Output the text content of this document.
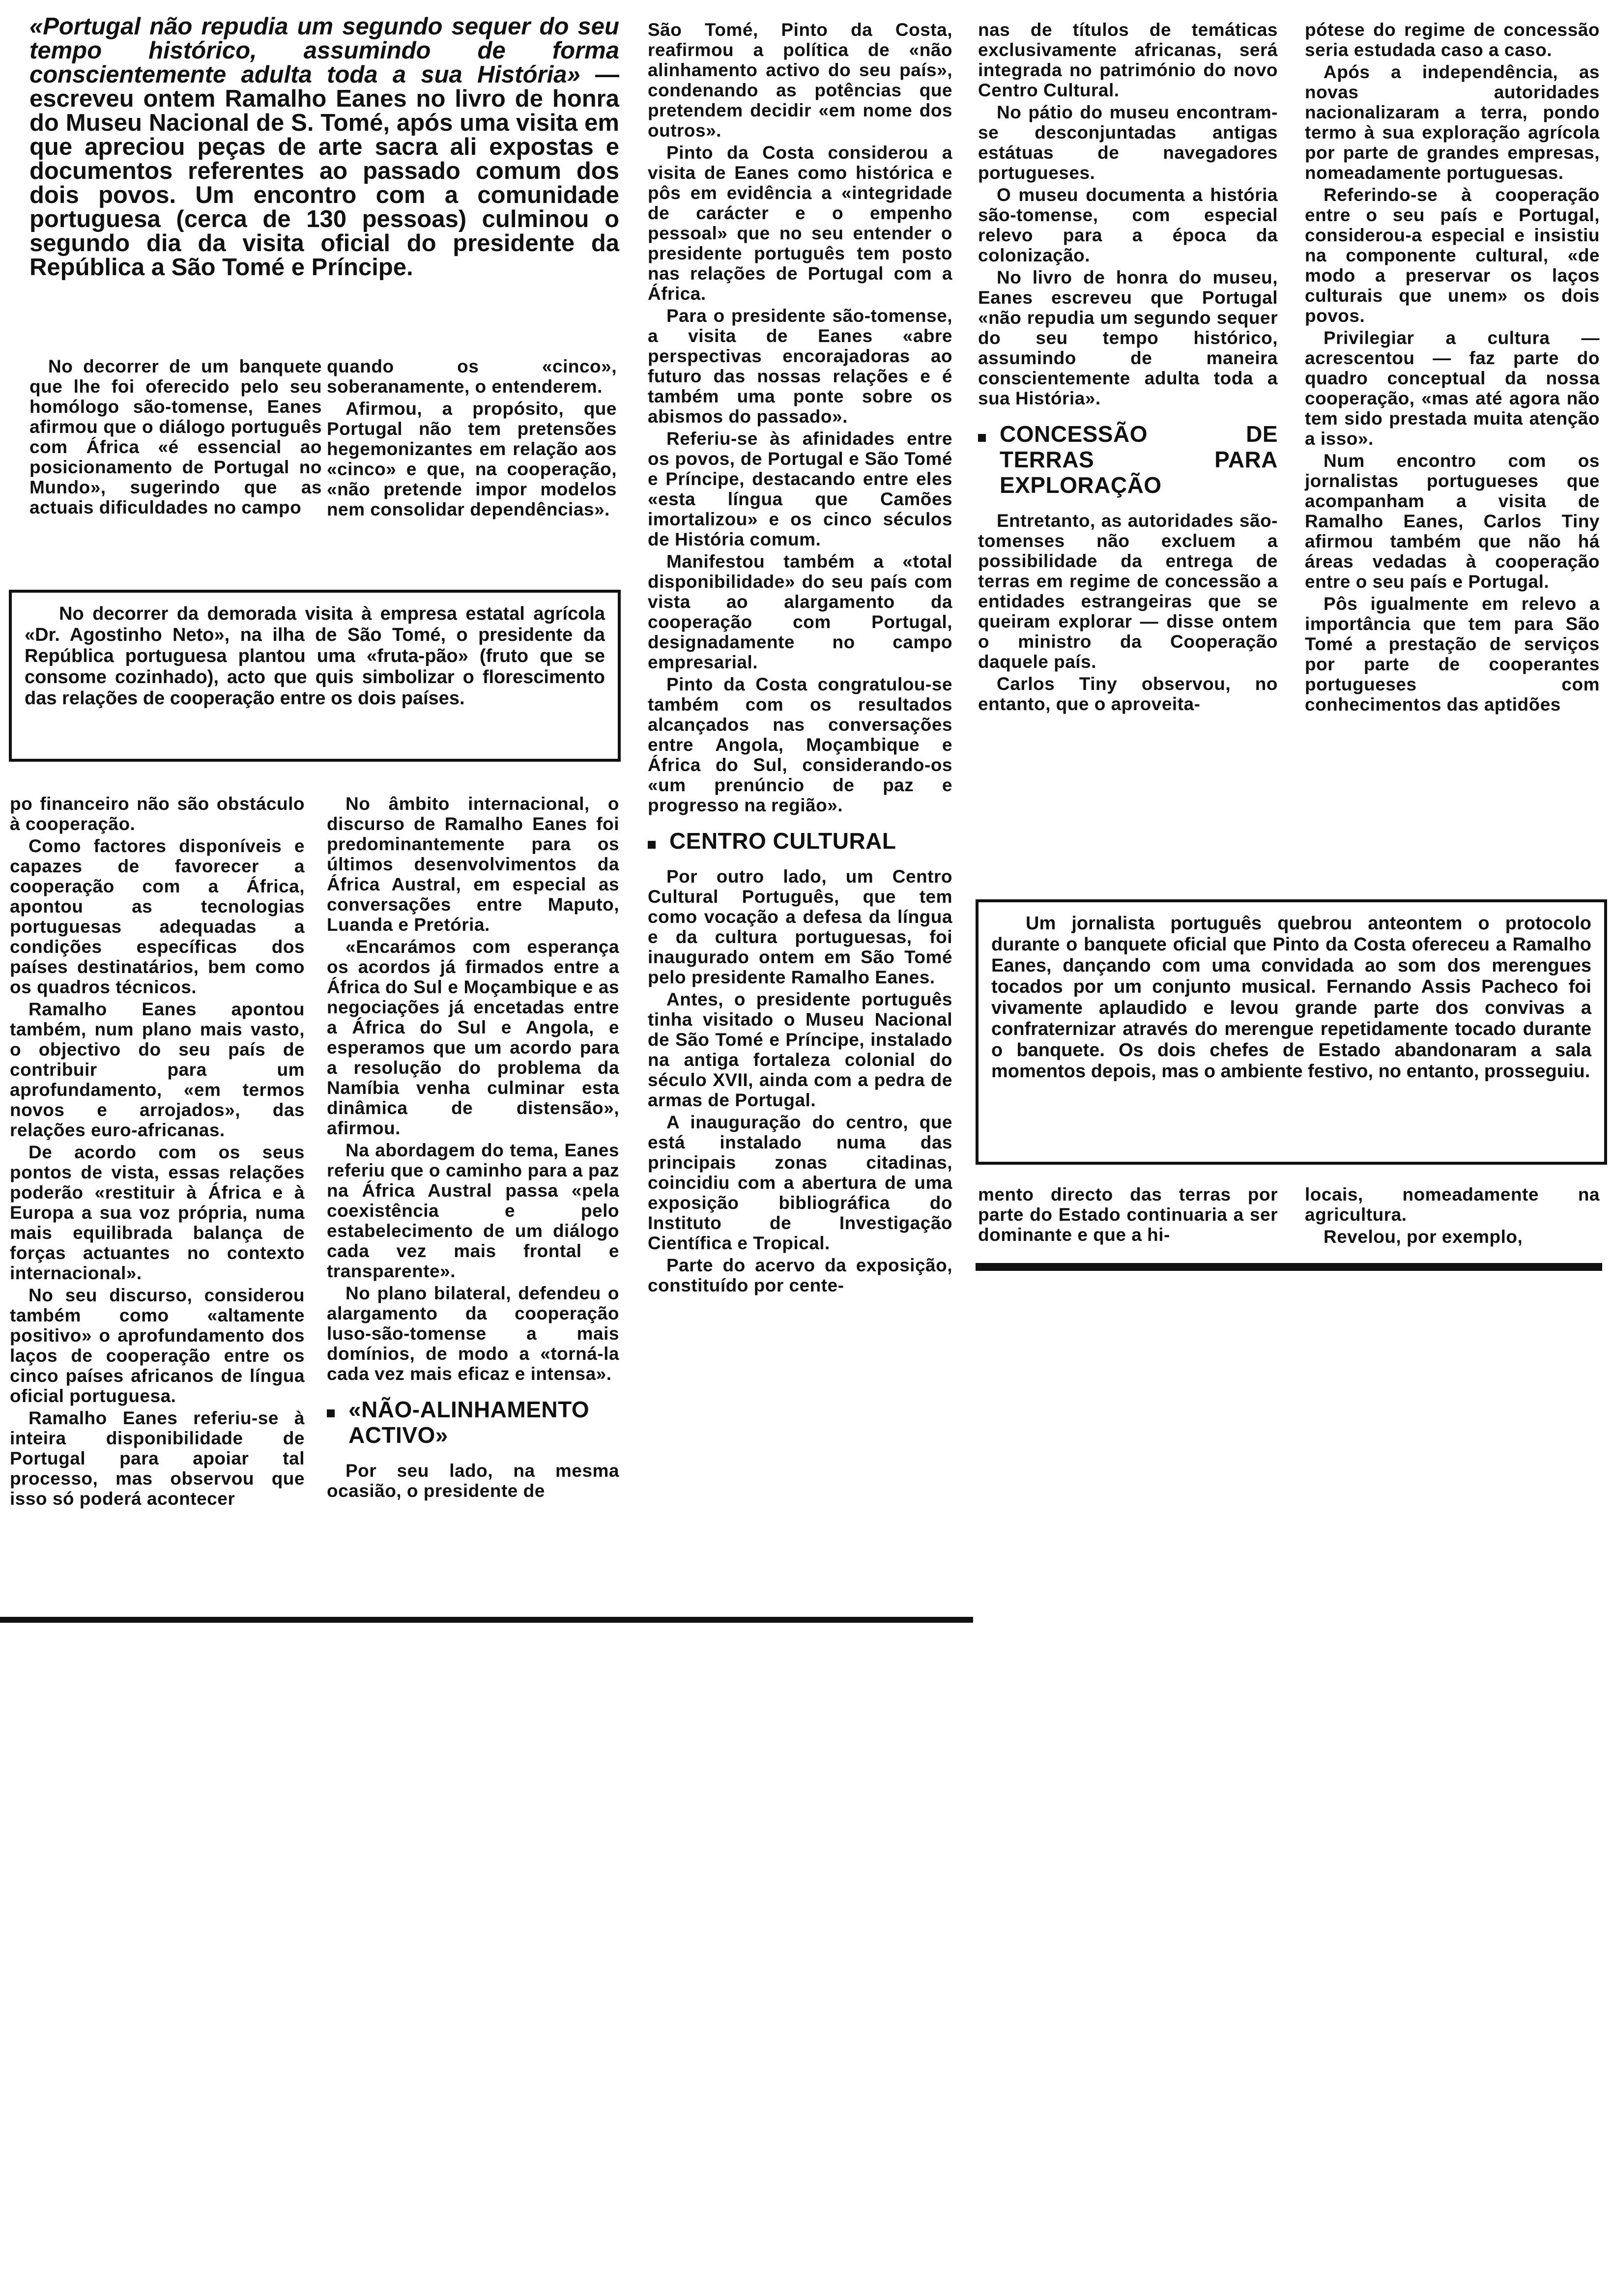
«Portugal não repudia um segundo sequer do seu tempo histórico, assumindo de forma conscientemente adulta toda a sua História» — escreveu ontem Ramalho Eanes no livro de honra do Museu Nacional de S. Tomé, após uma visita em que apreciou peças de arte sacra ali expostas e documentos referentes ao passado comum dos dois povos. Um encontro com a comunidade portuguesa (cerca de 130 pessoas) culminou o segundo dia da visita oficial do presidente da República a São Tomé e Príncipe.

No decorrer de um banquete que lhe foi oferecido pelo seu homólogo são-tomense, Eanes afirmou que o diálogo português com África «é essencial ao posicionamento de Portugal no Mundo», sugerindo que as actuais dificuldades no campo

quando os «cinco», soberanamente, o entenderem.

Afirmou, a propósito, que Portugal não tem pretensões hegemonizantes em relação aos «cinco» e que, na cooperação, «não pretende impor modelos nem consolidar dependências».

No decorrer da demorada visita à empresa estatal agrícola «Dr. Agostinho Neto», na ilha de São Tomé, o presidente da República portuguesa plantou uma «fruta-pão» (fruto que se consome cozinhado), acto que quis simbolizar o florescimento das relações de cooperação entre os dois países.

po financeiro não são obstáculo à cooperação.

Como factores disponíveis e capazes de favorecer a cooperação com a África, apontou as tecnologias portuguesas adequadas a condições específicas dos países destinatários, bem como os quadros técnicos.

Ramalho Eanes apontou também, num plano mais vasto, o objectivo do seu país de contribuir para um aprofundamento, «em termos novos e arrojados», das relações euro-africanas.

De acordo com os seus pontos de vista, essas relações poderão «restituir à África e à Europa a sua voz própria, numa mais equilibrada balança de forças actuantes no contexto internacional».

No seu discurso, considerou também como «altamente positivo» o aprofundamento dos laços de cooperação entre os cinco países africanos de língua oficial portuguesa.

Ramalho Eanes referiu-se à inteira disponibilidade de Portugal para apoiar tal processo, mas observou que isso só poderá acontecer

No âmbito internacional, o discurso de Ramalho Eanes foi predominantemente para os últimos desenvolvimentos da África Austral, em especial as conversações entre Maputo, Luanda e Pretória.

«Encarámos com esperança os acordos já firmados entre a África do Sul e Moçambique e as negociações já encetadas entre a África do Sul e Angola, e esperamos que um acordo para a resolução do problema da Namíbia venha culminar esta dinâmica de distensão», afirmou.

Na abordagem do tema, Eanes referiu que o caminho para a paz na África Austral passa «pela coexistência e pelo estabelecimento de um diálogo cada vez mais frontal e transparente».

No plano bilateral, defendeu o alargamento da cooperação luso-são-tomense a mais domínios, de modo a «torná-la cada vez mais eficaz e intensa».

«NÃO-ALINHAMENTO ACTIVO»

Por seu lado, na mesma ocasião, o presidente de

São Tomé, Pinto da Costa, reafirmou a política de «não alinhamento activo do seu país», condenando as potências que pretendem decidir «em nome dos outros».

Pinto da Costa considerou a visita de Eanes como histórica e pôs em evidência a «integridade de carácter e o empenho pessoal» que no seu entender o presidente português tem posto nas relações de Portugal com a África.

Para o presidente são-tomense, a visita de Eanes «abre perspectivas encorajadoras ao futuro das nossas relações e é também uma ponte sobre os abismos do passado».

Referiu-se às afinidades entre os povos, de Portugal e São Tomé e Príncipe, destacando entre eles «esta língua que Camões imortalizou» e os cinco séculos de História comum.

Manifestou também a «total disponibilidade» do seu país com vista ao alargamento da cooperação com Portugal, designadamente no campo empresarial.

Pinto da Costa congratulou-se também com os resultados alcançados nas conversações entre Angola, Moçambique e África do Sul, considerando-os «um prenúncio de paz e progresso na região».

CENTRO CULTURAL

Por outro lado, um Centro Cultural Português, que tem como vocação a defesa da língua e da cultura portuguesas, foi inaugurado ontem em São Tomé pelo presidente Ramalho Eanes.

Antes, o presidente português tinha visitado o Museu Nacional de São Tomé e Príncipe, instalado na antiga fortaleza colonial do século XVII, ainda com a pedra de armas de Portugal.

A inauguração do centro, que está instalado numa das principais zonas citadinas, coincidiu com a abertura de uma exposição bibliográfica do Instituto de Investigação Científica e Tropical.

Parte do acervo da exposição, constituído por cente-

nas de títulos de temáticas exclusivamente africanas, será integrada no património do novo Centro Cultural.

No pátio do museu encontram-se desconjuntadas antigas estátuas de navegadores portugueses.

O museu documenta a história são-tomense, com especial relevo para a época da colonização.

No livro de honra do museu, Eanes escreveu que Portugal «não repudia um segundo sequer do seu tempo histórico, assumindo de maneira conscientemente adulta toda a sua História».

CONCESSÃO DE TERRAS PARA EXPLORAÇÃO

Entretanto, as autoridades são-tomenses não excluem a possibilidade da entrega de terras em regime de concessão a entidades estrangeiras que se queiram explorar — disse ontem o ministro da Cooperação daquele país.

Carlos Tiny observou, no entanto, que o aproveita-

pótese do regime de concessão seria estudada caso a caso.

Após a independência, as novas autoridades nacionalizaram a terra, pondo termo à sua exploração agrícola por parte de grandes empresas, nomeadamente portuguesas.

Referindo-se à cooperação entre o seu país e Portugal, considerou-a especial e insistiu na componente cultural, «de modo a preservar os laços culturais que unem» os dois povos.

Privilegiar a cultura — acrescentou — faz parte do quadro conceptual da nossa cooperação, «mas até agora não tem sido prestada muita atenção a isso».

Num encontro com os jornalistas portugueses que acompanham a visita de Ramalho Eanes, Carlos Tiny afirmou também que não há áreas vedadas à cooperação entre o seu país e Portugal.

Pôs igualmente em relevo a importância que tem para São Tomé a prestação de serviços por parte de cooperantes portugueses com conhecimentos das aptidões

Um jornalista português quebrou anteontem o protocolo durante o banquete oficial que Pinto da Costa ofereceu a Ramalho Eanes, dançando com uma convidada ao som dos merengues tocados por um conjunto musical. Fernando Assis Pacheco foi vivamente aplaudido e levou grande parte dos convivas a confraternizar através do merengue repetidamente tocado durante o banquete. Os dois chefes de Estado abandonaram a sala momentos depois, mas o ambiente festivo, no entanto, prosseguiu.

mento directo das terras por parte do Estado continuaria a ser dominante e que a hi-

locais, nomeadamente na agricultura.

Revelou, por exemplo,
